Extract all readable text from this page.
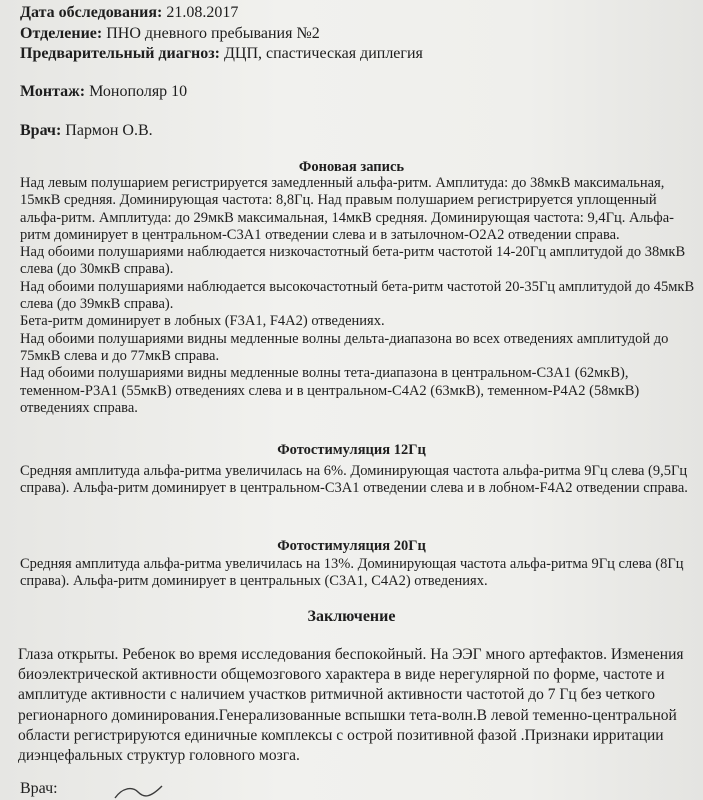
Дата обследования: 21.08.2017
Отделение: ПНО дневного пребывания №2
Предварительный диагноз: ДЦП, спастическая диплегия
Монтаж: Монополяр 10
Врач: Пармон О.В.
Фоновая запись

Над левым полушарием регистрируется замедленный альфа-ритм. Амплитуда: до 38мкВ максимальная, 15мкВ средняя. Доминирующая частота: 8,8Гц. Над правым полушарием регистрируется уплощенный альфа-ритм. Амплитуда: до 29мкВ максимальная, 14мкВ средняя. Доминирующая частота: 9,4Гц. Альфа-ритм доминирует в центральном-C3A1 отведении слева и в затылочном-O2A2 отведении справа.

Над обоими полушариями наблюдается низкочастотный бета-ритм частотой 14-20Гц амплитудой до 38мкВ слева (до 30мкВ справа).

Над обоими полушариями наблюдается высокочастотный бета-ритм частотой 20-35Гц амплитудой до 45мкВ слева (до 39мкВ справа).

Бета-ритм доминирует в лобных (F3A1, F4A2) отведениях.

Над обоими полушариями видны медленные волны дельта-диапазона во всех отведениях амплитудой до 75мкВ слева и до 77мкВ справа.

Над обоими полушариями видны медленные волны тета-диапазона в центральном-C3A1 (62мкВ), теменном-P3A1 (55мкВ) отведениях слева и в центральном-C4A2 (63мкВ), теменном-P4A2 (58мкВ) отведениях справа.

Фотостимуляция 12Гц

Средняя амплитуда альфа-ритма увеличилась на 6%. Доминирующая частота альфа-ритма 9Гц слева (9,5Гц справа). Альфа-ритм доминирует в центральном-C3A1 отведении слева и в лобном-F4A2 отведении справа.

Фотостимуляция 20Гц

Средняя амплитуда альфа-ритма увеличилась на 13%. Доминирующая частота альфа-ритма 9Гц слева (8Гц справа). Альфа-ритм доминирует в центральных (C3A1, C4A2) отведениях.

Заключение

Глаза открыты. Ребенок во время исследования беспокойный. На ЭЭГ много артефактов. Изменения биоэлектрической активности общемозгового характера в виде нерегулярной по форме, частоте и амплитуде активности с наличием участков ритмичной активности частотой до 7 Гц без четкого регионарного доминирования.Генерализованные вспышки тета-волн.В левой теменно-центральной области регистрируются единичные комплексы с острой позитивной фазой .Признаки ирритации диэнцефальных структур головного мозга.

Врач:
